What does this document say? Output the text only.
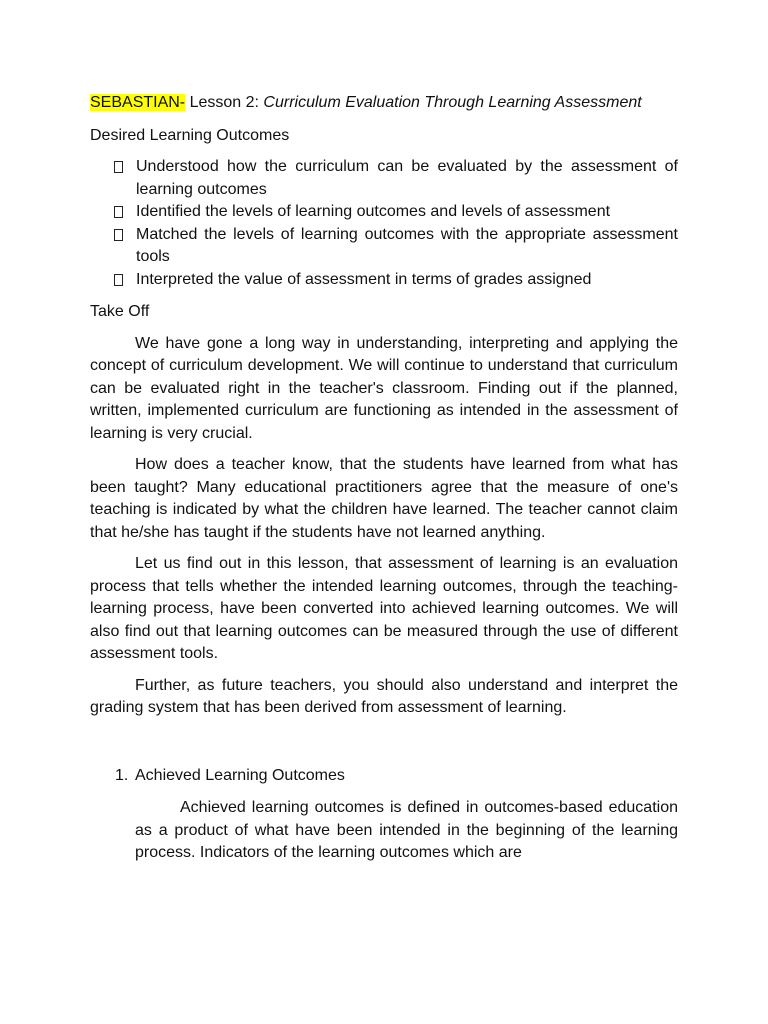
SEBASTIAN- Lesson 2: Curriculum Evaluation Through Learning Assessment

Desired Learning Outcomes
Understood how the curriculum can be evaluated by the assessment of learning outcomes
Identified the levels of learning outcomes and levels of assessment
Matched the levels of learning outcomes with the appropriate assessment tools
Interpreted the value of assessment in terms of grades assigned
Take Off

We have gone a long way in understanding, interpreting and applying the concept of curriculum development. We will continue to understand that curriculum can be evaluated right in the teacher's classroom. Finding out if the planned, written, implemented curriculum are functioning as intended in the assessment of learning is very crucial.

How does a teacher know, that the students have learned from what has been taught? Many educational practitioners agree that the measure of one's teaching is indicated by what the children have learned. The teacher cannot claim that he/she has taught if the students have not learned anything.

Let us find out in this lesson, that assessment of learning is an evaluation process that tells whether the intended learning outcomes, through the teaching-learning process, have been converted into achieved learning outcomes. We will also find out that learning outcomes can be measured through the use of different assessment tools.

Further, as future teachers, you should also understand and interpret the grading system that has been derived from assessment of learning.

1. Achieved Learning Outcomes

Achieved learning outcomes is defined in outcomes-based education as a product of what have been intended in the beginning of the learning process. Indicators of the learning outcomes which are
